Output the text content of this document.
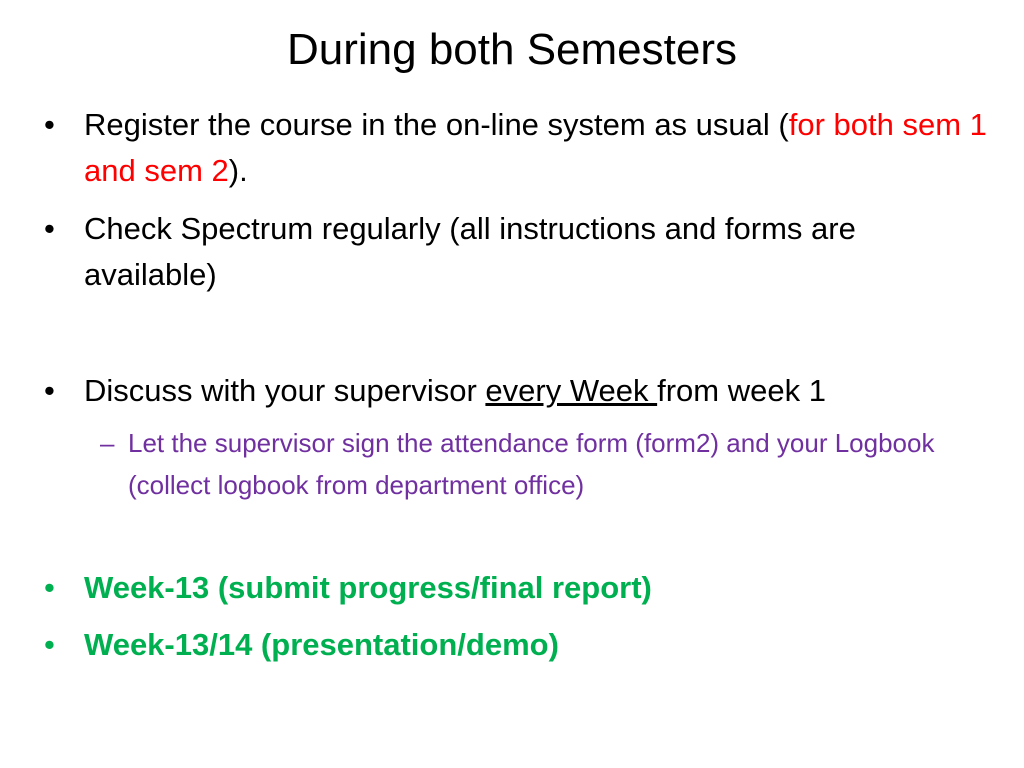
During both Semesters
• Register the course in the on-line system as usual (for both sem 1 and sem 2).
• Check Spectrum regularly (all instructions and forms are available)
• Discuss with your supervisor every Week from week 1
– Let the supervisor sign the attendance form (form2) and your Logbook (collect logbook from department office)
• Week-13 (submit progress/final report)
• Week-13/14 (presentation/demo)
